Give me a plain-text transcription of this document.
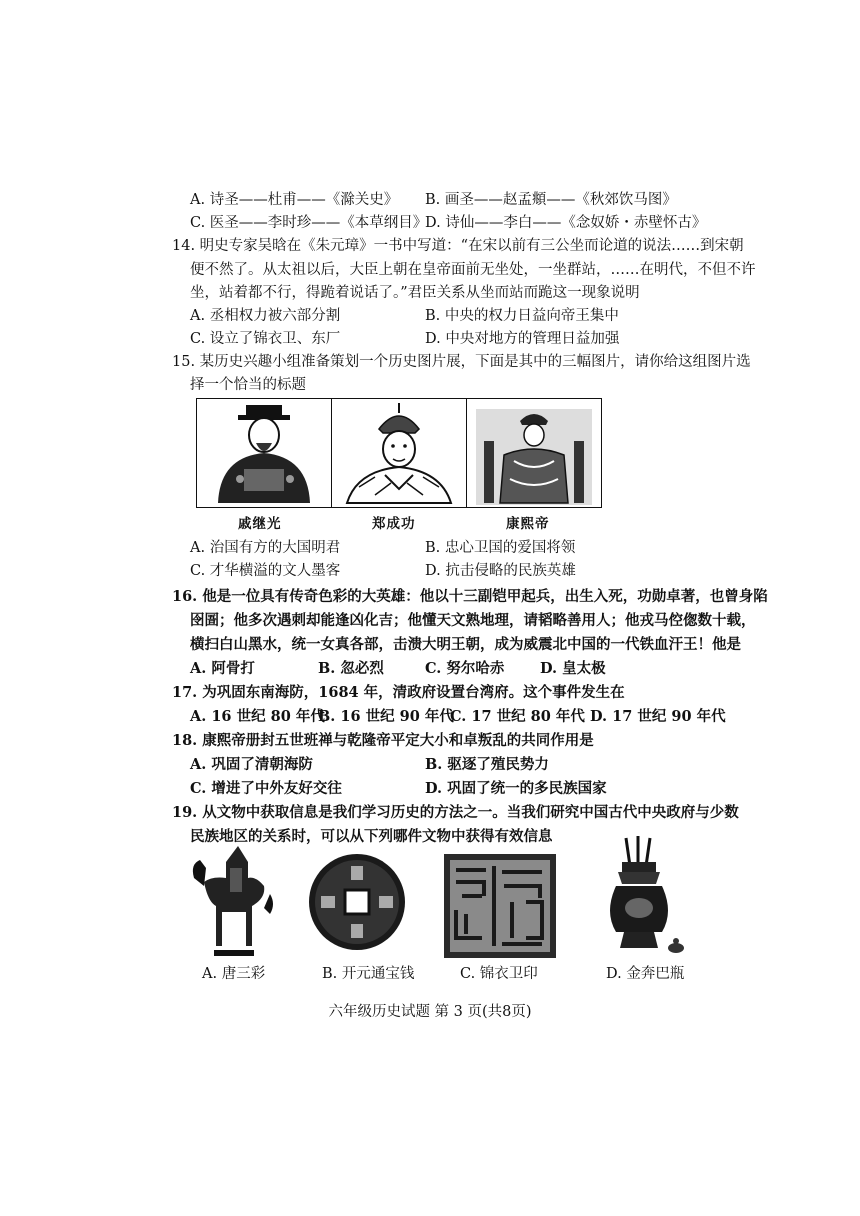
A. 诗圣——杜甫——《滁关史》 B. 画圣——赵孟頫——《秋郊饮马图》
C. 医圣——李时珍——《本草纲目》
D. 诗仙——李白——《念奴娇・赤壁怀古》
14. 明史专家吴晗在《朱元璋》一书中写道：“在宋以前有三公坐而论道的说法……到宋朝
便不然了。从太祖以后，大臣上朝在皇帝面前无坐处，一坐群站，……在明代，不但不许
坐，站着都不行，得跪着说话了。”君臣关系从坐而站而跪这一现象说明
A. 丞相权力被六部分割	B. 中央的权力日益向帝王集中
C. 设立了锦衣卫、东厂	D. 中央对地方的管理日益加强
15. 某历史兴趣小组准备策划一个历史图片展，下面是其中的三幅图片，请你给这组图片选
择一个恰当的标题
戚继光	郑成功	康熙帝
A. 治国有方的大国明君	B. 忠心卫国的爱国将领
C. 才华横溢的文人墨客	D. 抗击侵略的民族英雄
16. 他是一位具有传奇色彩的大英雄：他以十三副铠甲起兵，出生入死，功勋卓著，也曾身陷
囹圄；他多次遇刺却能逢凶化吉；他懂天文熟地理，请韬略善用人；他戎马倥偬数十载，
横扫白山黑水，统一女真各部，击溃大明王朝，成为威震北中国的一代铁血汗王！他是
A. 阿骨打	B. 忽必烈	C. 努尔哈赤 D. 皇太极
17. 为巩固东南海防，1684 年，清政府设置台湾府。这个事件发生在
A. 16 世纪 80 年代
B. 16 世纪 90 年代
C. 17 世纪 80 年代 D. 17 世纪 90 年代
18. 康熙帝册封五世班禅与乾隆帝平定大小和卓叛乱的共同作用是
A. 巩固了清朝海防	B. 驱逐了殖民势力
C. 增进了中外友好交往	D. 巩固了统一的多民族国家
19. 从文物中获取信息是我们学习历史的方法之一。当我们研究中国古代中央政府与少数
民族地区的关系时，可以从下列哪件文物中获得有效信息
A. 唐三彩	B. 开元通宝钱	C. 锦衣卫印	D. 金奔巴瓶
六年级历史试题 第 3 页(共8页)
